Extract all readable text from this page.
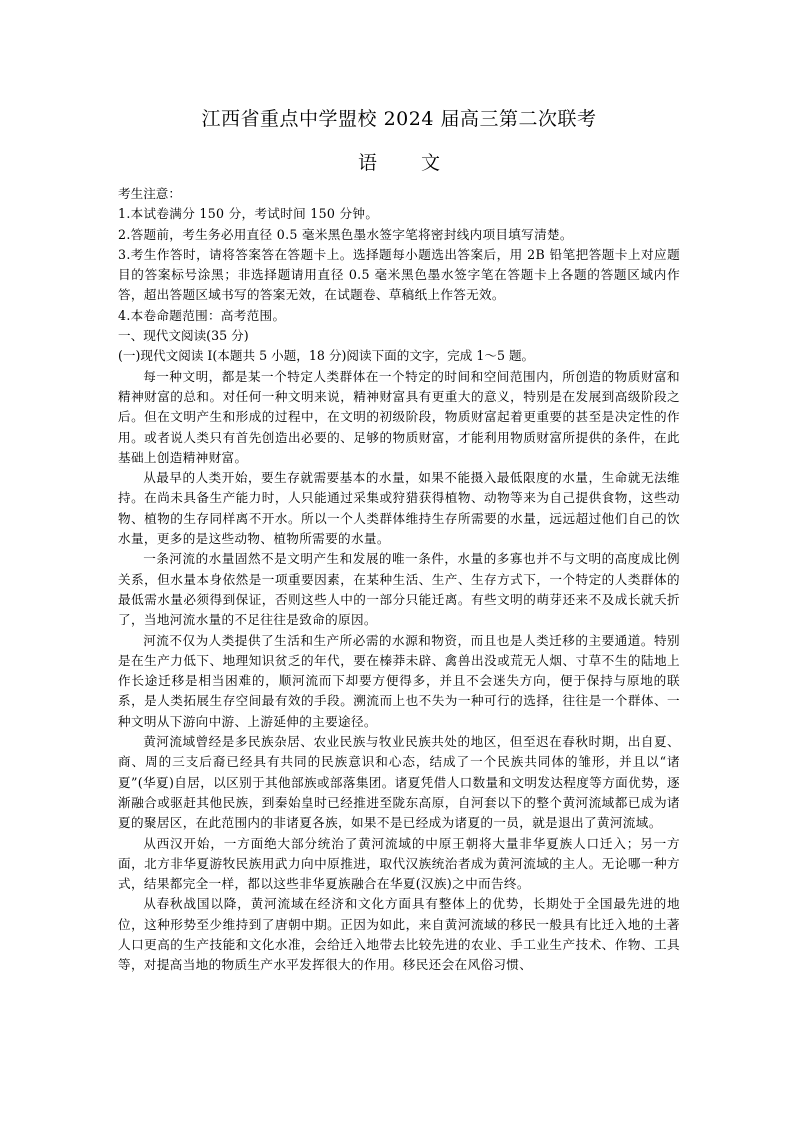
江西省重点中学盟校 2024 届高三第二次联考
语 文

考生注意：

1.本试卷满分 150 分，考试时间 150 分钟。

2.答题前，考生务必用直径 0.5 毫米黑色墨水签字笔将密封线内项目填写清楚。

3.考生作答时，请将答案答在答题卡上。选择题每小题选出答案后，用 2B 铅笔把答题卡上对应题目的答案标号涂黑；非选择题请用直径 0.5 毫米黑色墨水签字笔在答题卡上各题的答题区域内作答，超出答题区域书写的答案无效，在试题卷、草稿纸上作答无效。

4.本卷命题范围：高考范围。

一、现代文阅读(35 分)

(一)现代文阅读 I(本题共 5 小题，18 分)阅读下面的文字，完成 1～5 题。

每一种文明，都是某一个特定人类群体在一个特定的时间和空间范围内，所创造的物质财富和精神财富的总和。对任何一种文明来说，精神财富具有更重大的意义，特别是在发展到高级阶段之后。但在文明产生和形成的过程中，在文明的初级阶段，物质财富起着更重要的甚至是决定性的作用。或者说人类只有首先创造出必要的、足够的物质财富，才能利用物质财富所提供的条件，在此基础上创造精神财富。

从最早的人类开始，要生存就需要基本的水量，如果不能摄入最低限度的水量，生命就无法维持。在尚未具备生产能力时，人只能通过采集或狩猎获得植物、动物等来为自己提供食物，这些动物、植物的生存同样离不开水。所以一个人类群体维持生存所需要的水量，远远超过他们自己的饮水量，更多的是这些动物、植物所需要的水量。

一条河流的水量固然不是文明产生和发展的唯一条件，水量的多寡也并不与文明的高度成比例关系，但水量本身依然是一项重要因素，在某种生活、生产、生存方式下，一个特定的人类群体的最低需水量必须得到保证，否则这些人中的一部分只能迁离。有些文明的萌芽还来不及成长就夭折了，当地河流水量的不足往往是致命的原因。

河流不仅为人类提供了生活和生产所必需的水源和物资，而且也是人类迁移的主要通道。特别是在生产力低下、地理知识贫乏的年代，要在榛莽未辟、禽兽出没或荒无人烟、寸草不生的陆地上作长途迁移是相当困难的，顺河流而下却要方便得多，并且不会迷失方向，便于保持与原地的联系，是人类拓展生存空间最有效的手段。溯流而上也不失为一种可行的选择，往往是一个群体、一种文明从下游向中游、上游延伸的主要途径。

黄河流域曾经是多民族杂居、农业民族与牧业民族共处的地区，但至迟在春秋时期，出自夏、商、周的三支后裔已经具有共同的民族意识和心态，结成了一个民族共同体的雏形，并且以“诸夏”(华夏)自居，以区别于其他部族或部落集团。诸夏凭借人口数量和文明发达程度等方面优势，逐渐融合或驱赶其他民族，到秦始皇时已经推进至陇东高原，自河套以下的整个黄河流域都已成为诸夏的聚居区，在此范围内的非诸夏各族，如果不是已经成为诸夏的一员，就是退出了黄河流域。

从西汉开始，一方面绝大部分统治了黄河流域的中原王朝将大量非华夏族人口迁入；另一方面，北方非华夏游牧民族用武力向中原推进，取代汉族统治者成为黄河流域的主人。无论哪一种方式，结果都完全一样，都以这些非华夏族融合在华夏(汉族)之中而告终。

从春秋战国以降，黄河流域在经济和文化方面具有整体上的优势，长期处于全国最先进的地位，这种形势至少维持到了唐朝中期。正因为如此，来自黄河流域的移民一般具有比迁入地的土著人口更高的生产技能和文化水准，会给迁入地带去比较先进的农业、手工业生产技术、作物、工具等，对提高当地的物质生产水平发挥很大的作用。移民还会在风俗习惯、
